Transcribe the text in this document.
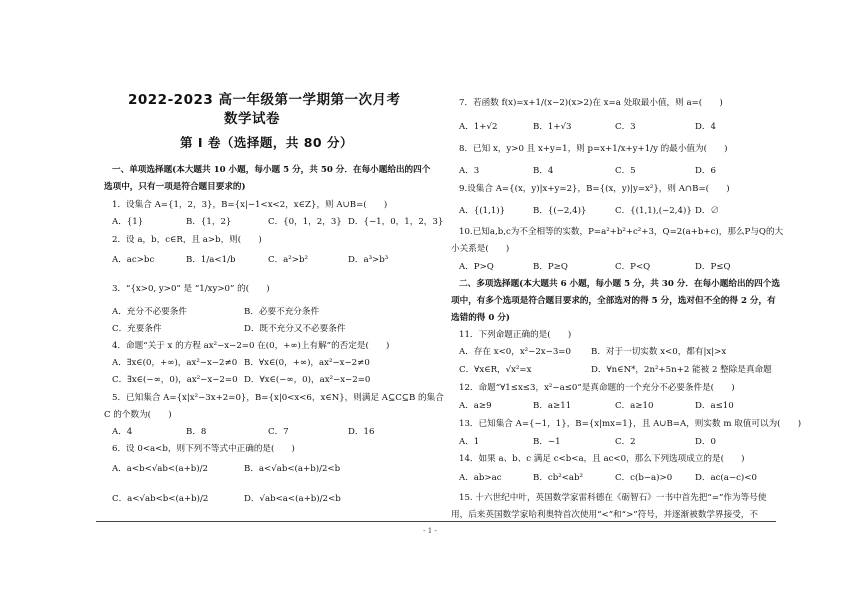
2022-2023 高一年级第一学期第一次月考
数学试卷
第 I 卷（选择题，共 80 分）
一、单项选择题(本大题共 10 小题，每小题 5 分，共 50 分．在每小题给出的四个
选项中，只有一项是符合题目要求的)
1．设集合 A={1，2，3}，B={x|−1<x<2，x∈Z}，则 A∪B=(　　)
A．{1}	B．{1，2}	C．{0，1，2，3} D．{−1，0，1，2，3}
2．设 a，b，c∈R，且 a>b，则(　　)
A．ac>bc	B．1/a<1/b	C．a²>b²	D．a³>b³
3．“{x>0, y>0” 是 “1/xy>0” 的(　　)
A．充分不必要条件	B．必要不充分条件
C．充要条件	D．既不充分又不必要条件
4．命题“关于 x 的方程 ax²−x−2=0 在(0，+∞)上有解”的否定是(　　)
A．∃x∈(0，+∞)，ax²−x−2≠0 B．∀x∈(0，+∞)，ax²−x−2≠0
C．∃x∈(−∞，0)，ax²−x−2=0 D．∀x∈(−∞，0)，ax²−x−2=0
5．已知集合 A={x|x²−3x+2=0}，B={x|0<x<6，x∈N}，则满足 A⊆C⊆B 的集合
C 的个数为(　　)
A．4	B．8	C．7	D．16
6．设 0<a<b，则下列不等式中正确的是(　　)
A．a<b<√ab<(a+b)/2	B．a<√ab<(a+b)/2<b
C．a<√ab<b<(a+b)/2	D．√ab<a<(a+b)/2<b
7．若函数 f(x)=x+1/(x−2)(x>2)在 x=a 处取最小值，则 a=(　　)
A．1+√2	B．1+√3	C．3	D．4
8．已知 x，y>0 且 x+y=1，则 p=x+1/x+y+1/y 的最小值为(　　)
A．3	B．4	C．5	D．6
9.设集合 A={(x，y)|x+y=2}，B={(x，y)|y=x²}，则 A∩B=(　　)
A．{(1,1)}	B．{(−2,4)}	C．{(1,1),(−2,4)} D．∅
10.已知a,b,c为不全相等的实数，P=a²+b²+c²+3，Q=2(a+b+c)，那么P与Q的大
小关系是(　　)
A．P>Q	B．P≥Q	C．P<Q	D．P≤Q
二、多项选择题(本大题共 6 小题，每小题 5 分，共 30 分．在每小题给出的四个选
项中，有多个选项是符合题目要求的，全部选对的得 5 分，选对但不全的得 2 分，有
选错的得 0 分)
11．下列命题正确的是(　　)
A．存在 x<0，x²−2x−3=0 B．对于一切实数 x<0，都有|x|>x
C．∀x∈R，√x²=x	D．∀n∈N*，2n²+5n+2 能被 2 整除是真命题
12．命题“∀1≤x≤3，x²−a≤0”是真命题的一个充分不必要条件是(　　)
A．a≥9	B．a≥11	C．a≥10	D．a≤10
13．已知集合 A={−1，1}，B={x|mx=1}，且 A∪B=A，则实数 m 取值可以为(　　)
A．1	B．−1	C．2	D．0
14．如果 a、b、c 满足 c<b<a，且 ac<0，那么下列选项成立的是(　　)
A．ab>ac	B．cb²<ab²	C．c(b−a)>0	D．ac(a−c)<0
15. 十六世纪中叶，英国数学家雷科德在《砺智石》一书中首先把“=”作为等号使
用，后来英国数学家哈利奥特首次使用“<”和“>”符号，并逐渐被数学界接受，不
- 1 -
